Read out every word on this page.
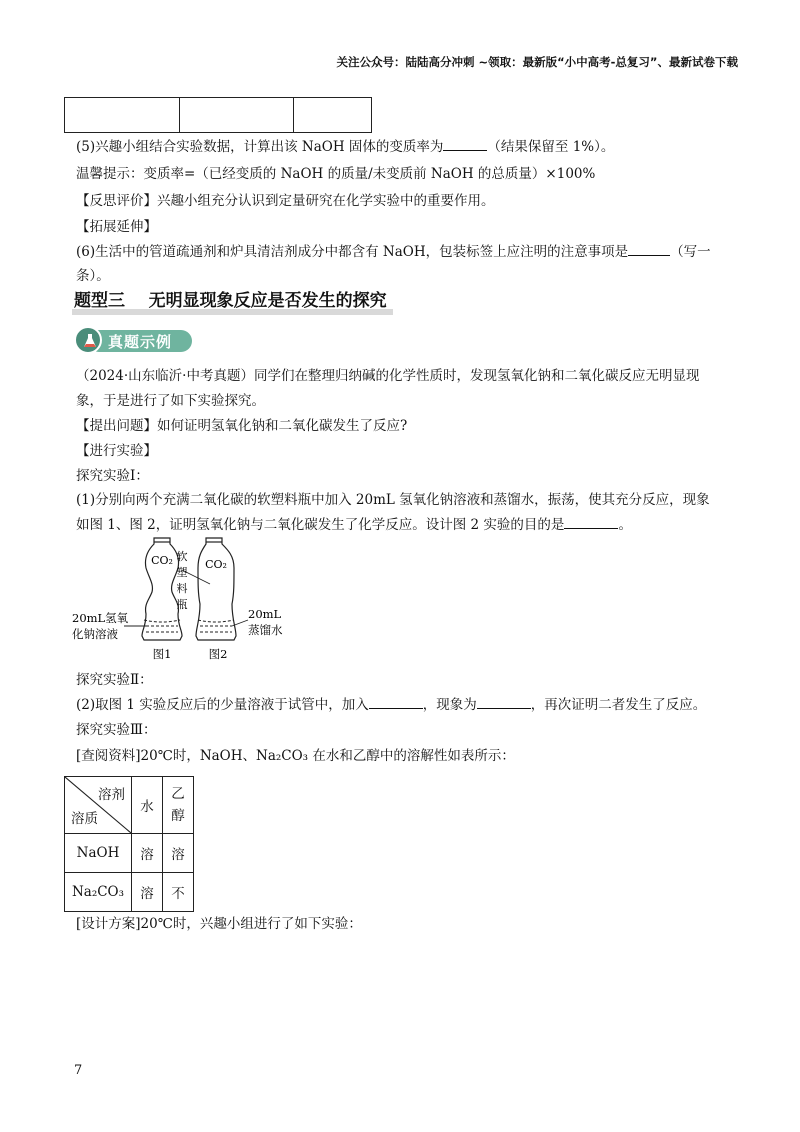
关注公众号：陆陆高分冲刺 ~领取：最新版“小中高考-总复习”、最新试卷下载
(5)兴趣小组结合实验数据，计算出该 NaOH 固体的变质率为	（结果保留至 1%）。
温馨提示：变质率=（已经变质的 NaOH 的质量/未变质前 NaOH 的总质量）×100%
【反思评价】兴趣小组充分认识到定量研究在化学实验中的重要作用。
【拓展延伸】
(6)生活中的管道疏通剂和炉具清洁剂成分中都含有 NaOH，包装标签上应注明的注意事项是	（写一
条）。
题型三    无明显现象反应是否发生的探究
真题示例
（2024·山东临沂·中考真题）同学们在整理归纳碱的化学性质时，发现氢氧化钠和二氧化碳反应无明显现
象，于是进行了如下实验探究。
【提出问题】如何证明氢氧化钠和二氧化碳发生了反应?
【进行实验】
探究实验Ⅰ：
(1)分别向两个充满二氧化碳的软塑料瓶中加入 20mL 氢氧化钠溶液和蒸馏水，振荡，使其充分反应，现象
如图 1、图 2，证明氢氧化钠与二氧化碳发生了化学反应。设计图 2 实验的目的是	。
CO₂	CO₂
软
塑
料
瓶
20mL氢氧
化钠溶液
20mL
蒸馏水
图1	图2
探究实验Ⅱ：
(2)取图 1 实验反应后的少量溶液于试管中，加入	，现象为	，再次证明二者发生了反应。
探究实验Ⅲ：
[查阅资料]20℃时，NaOH、Na₂CO₃ 在水和乙醇中的溶解性如表所示：
溶剂
溶质	水	乙
醇
NaOH	溶	溶
Na₂CO₃	溶	不
[设计方案]20℃时，兴趣小组进行了如下实验：
7
